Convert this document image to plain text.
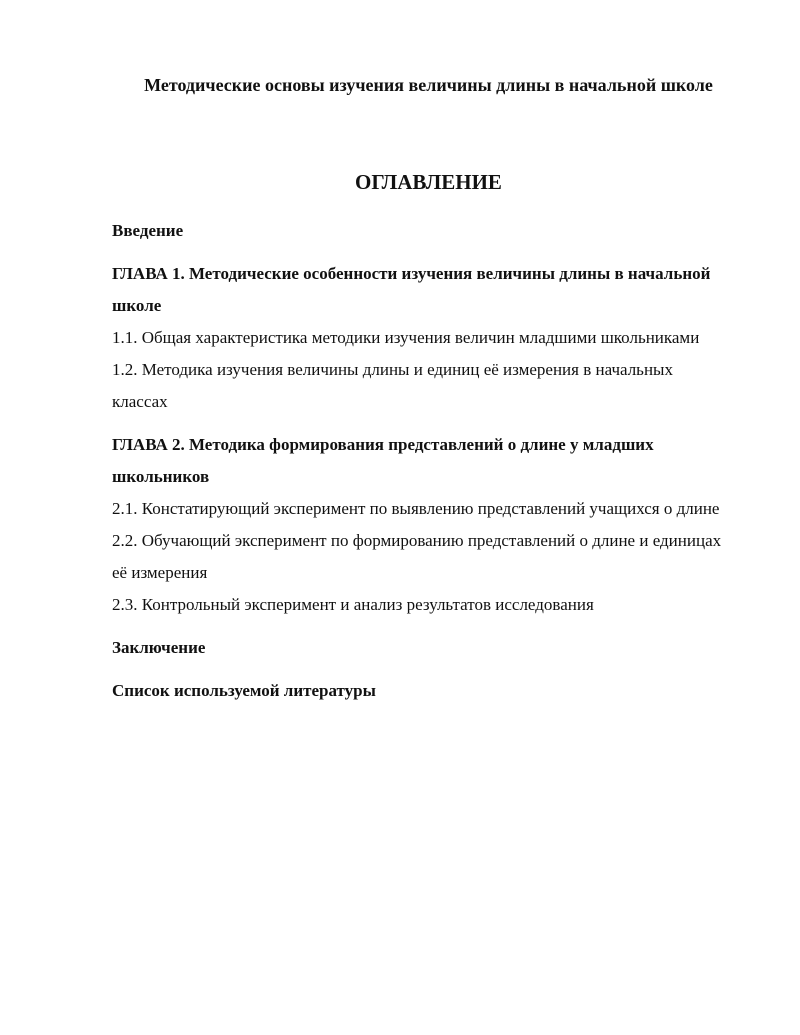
Методические основы изучения величины длины в начальной школе
ОГЛАВЛЕНИЕ

Введение

ГЛАВА 1. Методические особенности изучения величины длины в начальной школе

1.1. Общая характеристика методики изучения величин младшими школьниками

1.2. Методика изучения величины длины и единиц её измерения в начальных классах

ГЛАВА 2. Методика формирования представлений о длине у младших школьников

2.1. Констатирующий эксперимент по выявлению представлений учащихся о длине

2.2. Обучающий эксперимент по формированию представлений о длине и единицах её измерения

2.3. Контрольный эксперимент и анализ результатов исследования

Заключение

Список используемой литературы
